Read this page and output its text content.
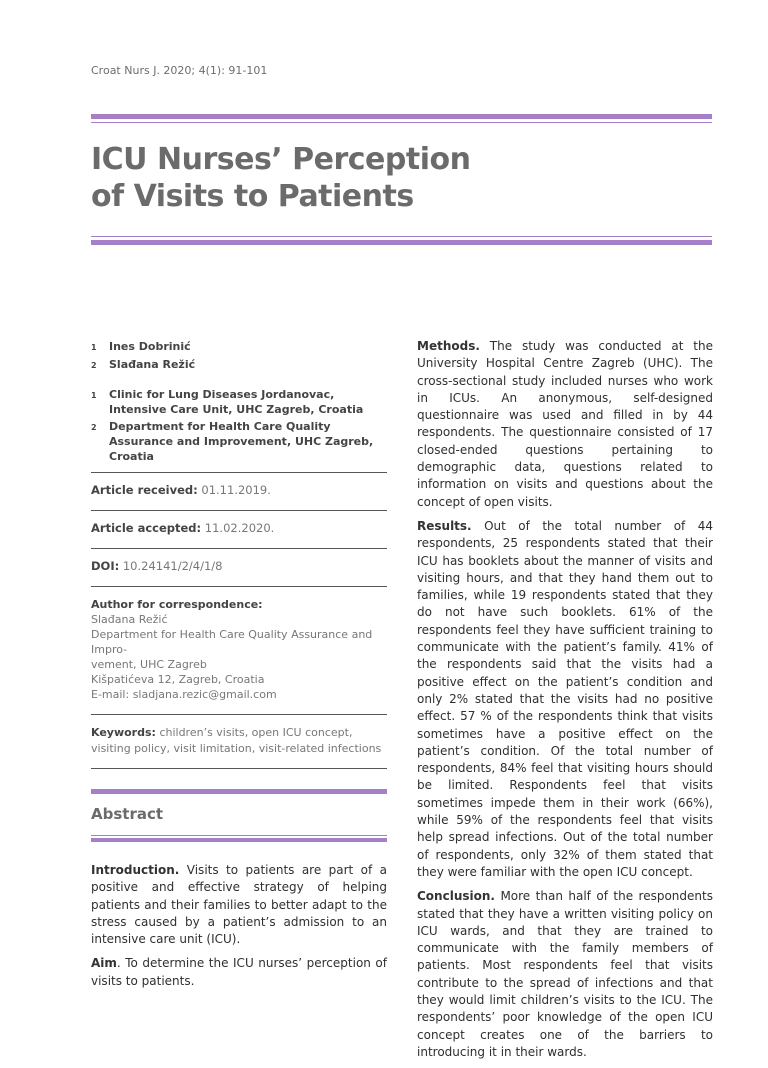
Croat Nurs J. 2020; 4(1): 91-101
ICU Nurses’ Perception
of Visits to Patients
1	Ines Dobrinić
2	Slađana Režić
1	Clinic for Lung Diseases Jordanovac, Intensive Care Unit, UHC Zagreb, Croatia
2	Department for Health Care Quality Assurance and Improvement, UHC Zagreb, Croatia
Article received: 01.11.2019.
Article accepted: 11.02.2020.
DOI: 10.24141/2/4/1/8
Author for correspondence:
Slađana Režić
Department for Health Care Quality Assurance and Impro-
vement, UHC Zagreb
Kišpatićeva 12, Zagreb, Croatia
E-mail: sladjana.rezic@gmail.com
Keywords: children’s visits, open ICU concept, visiting policy, visit limitation, visit-related infections
Abstract

Introduction. Visits to patients are part of a positive and effective strategy of helping patients and their families to better adapt to the stress caused by a patient’s admission to an intensive care unit (ICU).

Aim. To determine the ICU nurses’ perception of visits to patients.

Methods. The study was conducted at the University Hospital Centre Zagreb (UHC). The cross-sectional study included nurses who work in ICUs. An anonymous, self-designed questionnaire was used and filled in by 44 respondents. The questionnaire consisted of 17 closed-ended questions pertaining to demographic data, questions related to information on visits and questions about the concept of open visits.

Results. Out of the total number of 44 respondents, 25 respondents stated that their ICU has booklets about the manner of visits and visiting hours, and that they hand them out to families, while 19 respondents stated that they do not have such booklets. 61% of the respondents feel they have sufficient training to communicate with the patient’s family. 41% of the respondents said that the visits had a positive effect on the patient’s condition and only 2% stated that the visits had no positive effect. 57 % of the respondents think that visits sometimes have a positive effect on the patient’s condition. Of the total number of respondents, 84% feel that visiting hours should be limited. Respondents feel that visits sometimes impede them in their work (66%), while 59% of the respondents feel that visits help spread infections. Out of the total number of respondents, only 32% of them stated that they were familiar with the open ICU concept.

Conclusion. More than half of the respondents stated that they have a written visiting policy on ICU wards, and that they are trained to communicate with the family members of patients. Most respondents feel that visits contribute to the spread of infections and that they would limit children’s visits to the ICU. The respondents’ poor knowledge of the open ICU concept creates one of the barriers to introducing it in their wards.
